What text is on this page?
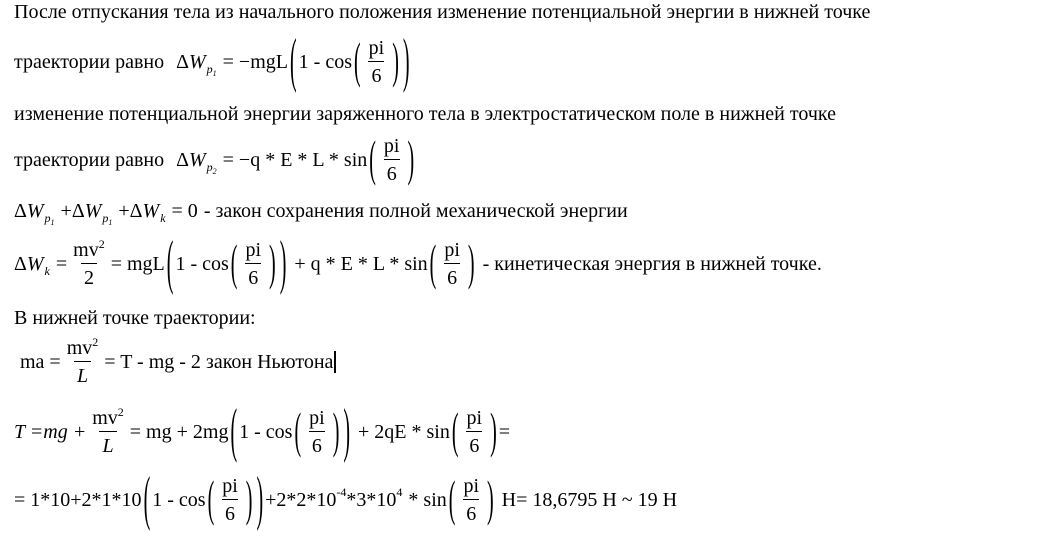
После отпускания тела из начального положения изменение потенциальной энергии в нижней точке
траектории равно Δ W $p_1$
= −mgL ( 1 - cos ( $\frac{pi}{6}$ ) )
изменение потенциальной энергии заряженного тела в электростатическом поле в нижней точке
траектории равно Δ W $p_2$
= −q * E * L * sin ( $\frac{pi}{6}$ )
Δ W $p_1$
+ Δ W $p_1$
+ Δ W k = 0 - закон сохранения полной механической энергии
Δ W $k = \frac{mv^2}{2}$ = mgL ( 1 - cos ( $\frac{pi}{6}$ ) ) + q * E * L * sin ( $\frac{pi}{6}$ ) - кинетическая энергия в нижней точке.
В нижней точке траектории:
ma = $\frac{mv^2}{L} = T$ - mg - 2 закон Ньютона
T = mg + $\frac{mv^2}{L}$ = mg + 2mg ( 1 - cos ( $\frac{pi}{6}$ ) ) + 2qE * sin ( $\frac{pi}{6}$ ) =
= 1*10+2*1*10 ( 1 - cos ( $\frac{pi}{6}$ ) ) +2*2*10 -4 *3*10 4 * sin ( $\frac{pi}{6}$ ) H= 18,6795 H ~ 19 H
